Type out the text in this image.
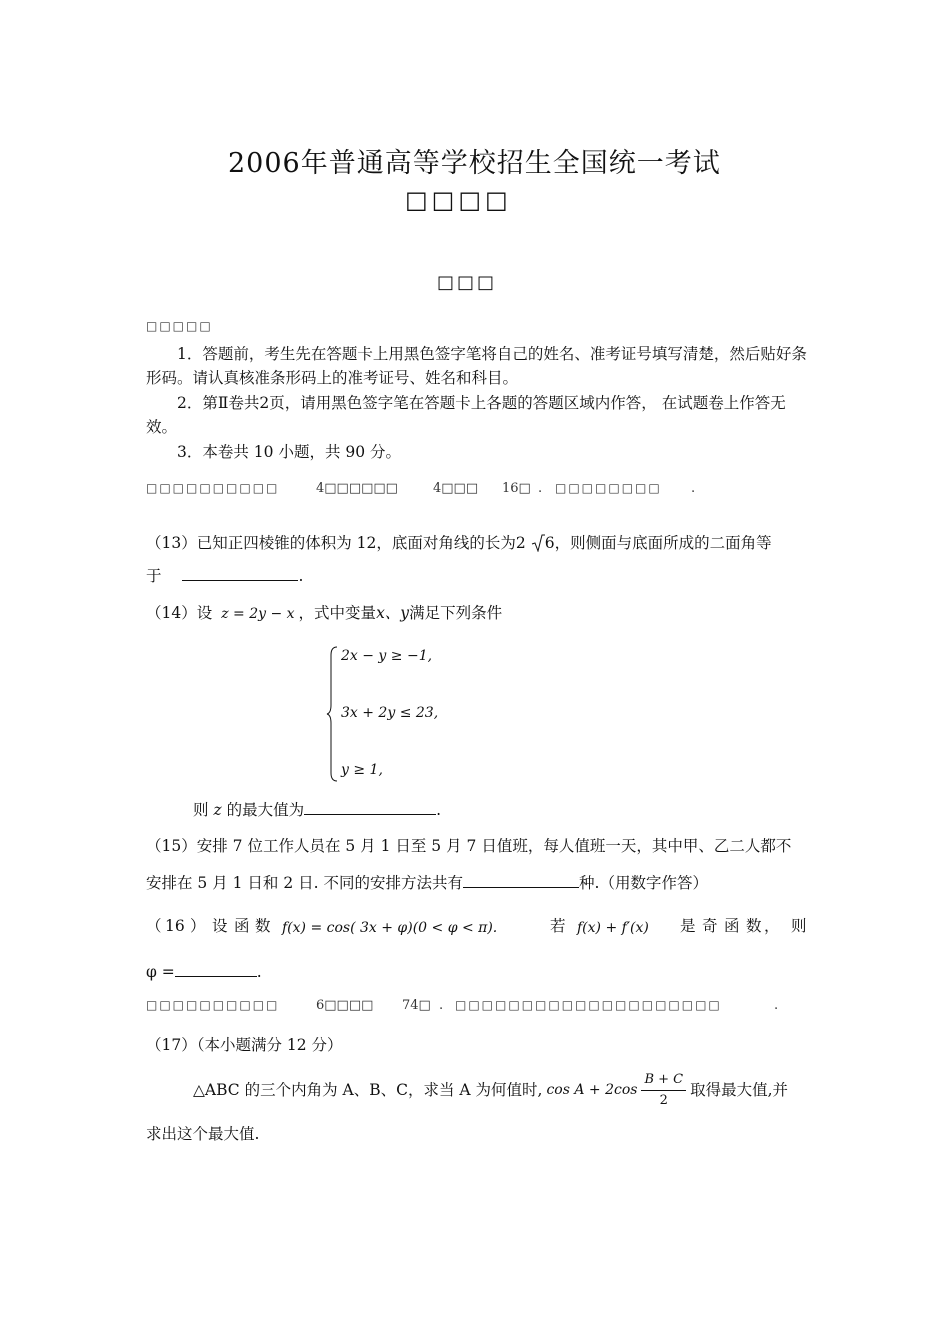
2006年普通高等学校招生全国统一考试
□□□□
□□□
□□□□□
1．答题前，考生先在答题卡上用黑色签字笔将自己的姓名、准考证号填写清楚，然后贴好条形码。请认真核准条形码上的准考证号、姓名和科目。
2．第Ⅱ卷共2页，请用黑色签字笔在答题卡上各题的答题区域内作答， 在试题卷上作答无效。
3．本卷共 10 小题，共 90 分。
□□□□□□□□□□	4□□□□□□	4□□□ 16□ . □□□□□□□□ .
（13）已知正四棱锥的体积为 12，底面对角线的长为2 6，则侧面与底面所成的二面角等
于	.
（14）设 z = 2y − x ，式中变量x、y满足下列条件
2x − y ≥ −1,
3x + 2y ≤ 23,
y ≥ 1,
则 z 的最大值为	.
（15）安排 7 位工作人员在 5 月 1 日至 5 月 7 日值班，每人值班一天，其中甲、乙二人都不
安排在 5 月 1 日和 2 日. 不同的安排方法共有	种.（用数字作答）
（ 16 ） 设 函 数 f(x) = cos( 3x + φ)(0 < φ < π).	若 f(x) + f′(x) 是 奇 函 数 ， 则
φ =	.
□□□□□□□□□□	6□□□□ 74□ . □□□□□□□□□□□□□□□□□□□□	.
（17）（本小题满分 12 分）
△ABC 的三个内角为 A、B、C，求当 A 为何值时, $\cos A + 2\cos \frac{B + C}{2}$ 取得最大值,并
求出这个最大值.
